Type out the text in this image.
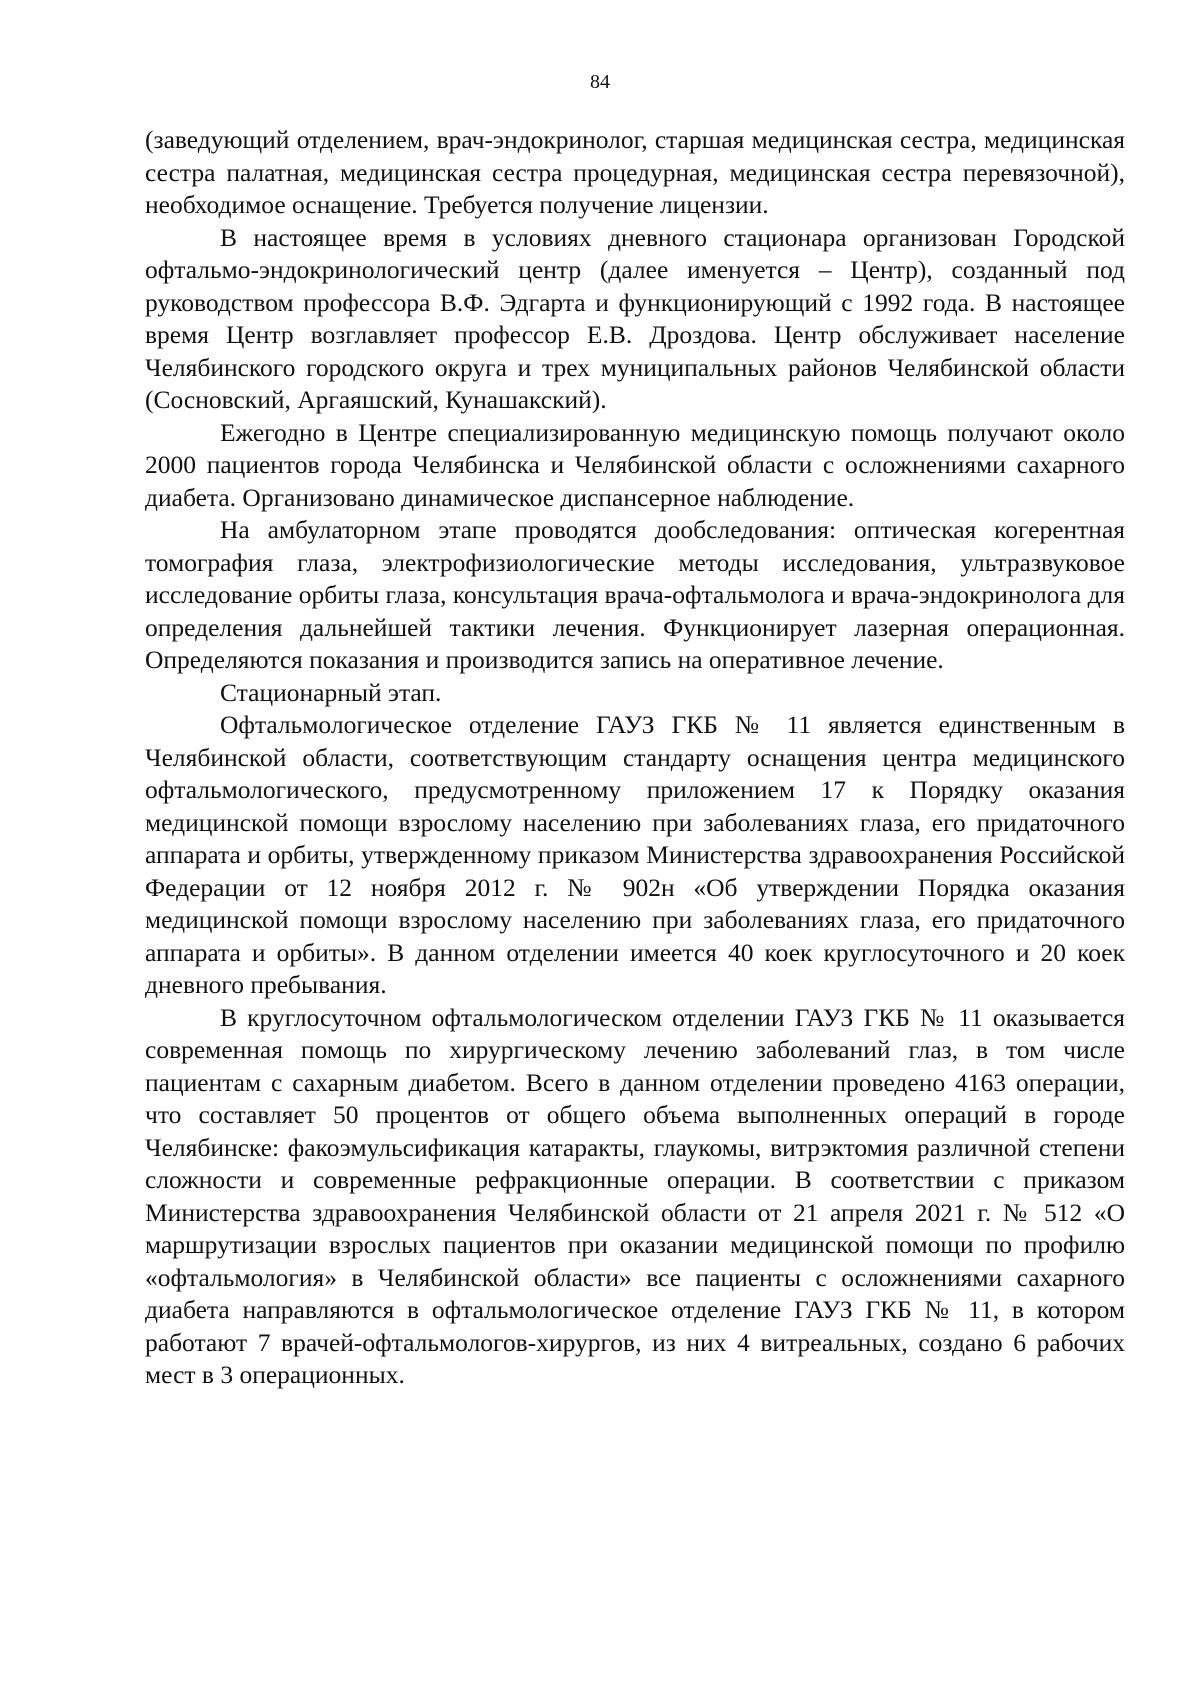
84

(заведующий отделением, врач-эндокринолог, старшая медицинская сестра, медицинская сестра палатная, медицинская сестра процедурная, медицинская сестра перевязочной), необходимое оснащение. Требуется получение лицензии.

В настоящее время в условиях дневного стационара организован Городской офтальмо-эндокринологический центр (далее именуется – Центр), созданный под руководством профессора В.Ф. Эдгарта и функционирующий с 1992 года. В настоящее время Центр возглавляет профессор Е.В. Дроздова. Центр обслуживает население Челябинского городского округа и трех муниципальных районов Челябинской области (Сосновский, Аргаяшский, Кунашакский).

Ежегодно в Центре специализированную медицинскую помощь получают около 2000 пациентов города Челябинска и Челябинской области с осложнениями сахарного диабета. Организовано динамическое диспансерное наблюдение.

На амбулаторном этапе проводятся дообследования: оптическая когерентная томография глаза, электрофизиологические методы исследования, ультразвуковое исследование орбиты глаза, консультация врача-офтальмолога и врача-эндокринолога для определения дальнейшей тактики лечения. Функционирует лазерная операционная. Определяются показания и производится запись на оперативное лечение.

Стационарный этап.

Офтальмологическое отделение ГАУЗ ГКБ № 11 является единственным в Челябинской области, соответствующим стандарту оснащения центра медицинского офтальмологического, предусмотренному приложением 17 к Порядку оказания медицинской помощи взрослому населению при заболеваниях глаза, его придаточного аппарата и орбиты, утвержденному приказом Министерства здравоохранения Российской Федерации от 12 ноября 2012 г. № 902н «Об утверждении Порядка оказания медицинской помощи взрослому населению при заболеваниях глаза, его придаточного аппарата и орбиты». В данном отделении имеется 40 коек круглосуточного и 20 коек дневного пребывания.

В круглосуточном офтальмологическом отделении ГАУЗ ГКБ № 11 оказывается современная помощь по хирургическому лечению заболеваний глаз, в том числе пациентам с сахарным диабетом. Всего в данном отделении проведено 4163 операции, что составляет 50 процентов от общего объема выполненных операций в городе Челябинске: факоэмульсификация катаракты, глаукомы, витрэктомия различной степени сложности и современные рефракционные операции. В соответствии с приказом Министерства здравоохранения Челябинской области от 21 апреля 2021 г. № 512 «О маршрутизации взрослых пациентов при оказании медицинской помощи по профилю «офтальмология» в Челябинской области» все пациенты с осложнениями сахарного диабета направляются в офтальмологическое отделение ГАУЗ ГКБ № 11, в котором работают 7 врачей-офтальмологов-хирургов, из них 4 витреальных, создано 6 рабочих мест в 3 операционных.
